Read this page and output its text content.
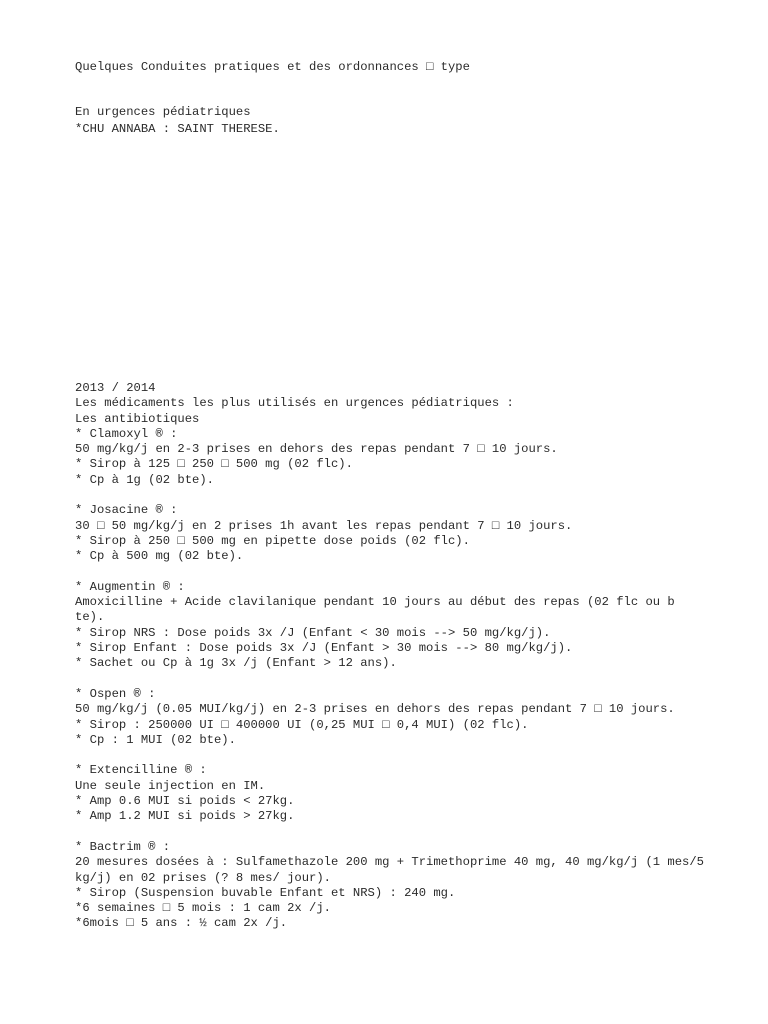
Quelques Conduites pratiques et des ordonnances □ type

En urgences pédiatriques

*CHU ANNABA : SAINT THERESE.

2013 / 2014
Les médicaments les plus utilisés en urgences pédiatriques :
Les antibiotiques
* Clamoxyl ® :
50 mg/kg/j en 2-3 prises en dehors des repas pendant 7 □ 10 jours.
* Sirop à 125 □ 250 □ 500 mg (02 flc).
* Cp à 1g (02 bte).
* Josacine ® :
30 □ 50 mg/kg/j en 2 prises 1h avant les repas pendant 7 □ 10 jours.
* Sirop à 250 □ 500 mg en pipette dose poids (02 flc).
* Cp à 500 mg (02 bte).
* Augmentin ® :
Amoxicilline + Acide clavilanique pendant 10 jours au début des repas (02 flc ou b
te).
* Sirop NRS : Dose poids 3x /J (Enfant < 30 mois --> 50 mg/kg/j).
* Sirop Enfant : Dose poids 3x /J (Enfant > 30 mois --> 80 mg/kg/j).
* Sachet ou Cp à 1g 3x /j (Enfant > 12 ans).
* Ospen ® :
50 mg/kg/j (0.05 MUI/kg/j) en 2-3 prises en dehors des repas pendant 7 □ 10 jours.
* Sirop : 250000 UI □ 400000 UI (0,25 MUI □ 0,4 MUI) (02 flc).
* Cp : 1 MUI (02 bte).
* Extencilline ® :
Une seule injection en IM.
* Amp 0.6 MUI si poids < 27kg.
* Amp 1.2 MUI si poids > 27kg.
* Bactrim ® :
20 mesures dosées à : Sulfamethazole 200 mg + Trimethoprime 40 mg, 40 mg/kg/j (1 mes/5
kg/j) en 02 prises (? 8 mes/ jour).
* Sirop (Suspension buvable Enfant et NRS) : 240 mg.
*6 semaines □ 5 mois : 1 cam 2x /j.
*6mois □ 5 ans : ½ cam 2x /j.
